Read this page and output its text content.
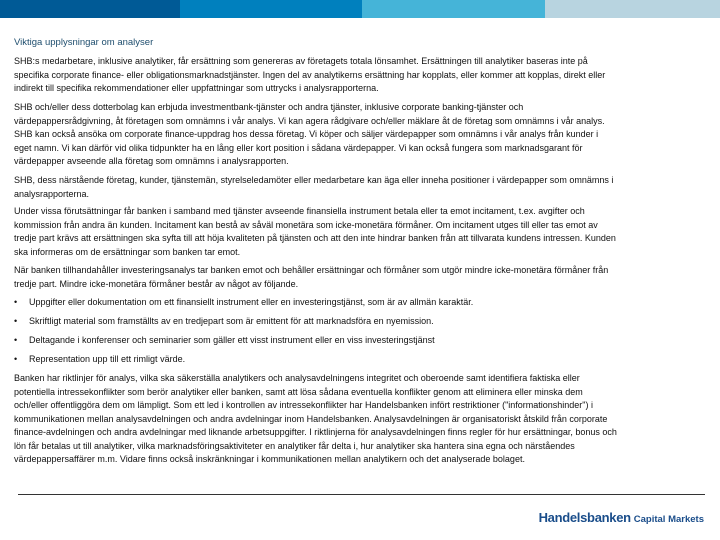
Viktiga upplysningar om analyser
SHB:s medarbetare, inklusive analytiker, får ersättning som genereras av företagets totala lönsamhet. Ersättningen till analytiker baseras inte på
specifika corporate finance- eller obligationsmarknadstjänster. Ingen del av analytikerns ersättning har kopplats, eller kommer att kopplas, direkt eller
indirekt till specifika rekommendationer eller uppfattningar som uttrycks i analysrapporterna.
SHB och/eller dess dotterbolag kan erbjuda investmentbank-tjänster och andra tjänster, inklusive corporate banking-tjänster och
värdepappersrådgivning, åt företagen som omnämns i vår analys. Vi kan agera rådgivare och/eller mäklare åt de företag som omnämns i vår analys.
SHB kan också ansöka om corporate finance-uppdrag hos dessa företag. Vi köper och säljer värdepapper som omnämns i vår analys från kunder i
eget namn. Vi kan därför vid olika tidpunkter ha en lång eller kort position i sådana värdepapper. Vi kan också fungera som marknadsgarant för
värdepapper avseende alla företag som omnämns i analysrapporten.
SHB, dess närstående företag, kunder, tjänstemän, styrelseledamöter eller medarbetare kan äga eller inneha positioner i värdepapper som omnämns i
analysrapporterna.
Under vissa förutsättningar får banken i samband med tjänster avseende finansiella instrument betala eller ta emot incitament, t.ex. avgifter och
kommission från andra än kunden. Incitament kan bestå av såväl monetära som icke-monetära förmåner. Om incitament utges till eller tas emot av
tredje part krävs att ersättningen ska syfta till att höja kvaliteten på tjänsten och att den inte hindrar banken från att tillvarata kundens intressen. Kunden
ska informeras om de ersättningar som banken tar emot.
När banken tillhandahåller investeringsanalys tar banken emot och behåller ersättningar och förmåner som utgör mindre icke-monetära förmåner från
tredje part. Mindre icke-monetära förmåner består av något av följande.
Banken har riktlinjer för analys, vilka ska säkerställa analytikers och analysavdelningens integritet och oberoende samt identifiera faktiska eller
potentiella intressekonflikter som berör analytiker eller banken, samt att lösa sådana eventuella konflikter genom att eliminera eller minska dem
och/eller offentliggöra dem om lämpligt. Som ett led i kontrollen av intressekonflikter har Handelsbanken infört restriktioner ("informationshinder") i
kommunikationen mellan analysavdelningen och andra avdelningar inom Handelsbanken. Analysavdelningen är organisatoriskt åtskild från corporate
finance-avdelningen och andra avdelningar med liknande arbetsuppgifter. I riktlinjerna för analysavdelningen finns regler för hur ersättningar, bonus och
lön får betalas ut till analytiker, vilka marknadsföringsaktiviteter en analytiker får delta i, hur analytiker ska hantera sina egna och närståendes
värdepappersaffärer m.m. Vidare finns också inskränkningar i kommunikationen mellan analytikern och det analyserade bolaget.
• Uppgifter eller dokumentation om ett finansiellt instrument eller en investeringstjänst, som är av allmän karaktär.
• Skriftligt material som framställts av en tredjepart som är emittent för att marknadsföra en nyemission.
• Deltagande i konferenser och seminarier som gäller ett visst instrument eller en viss investeringstjänst
• Representation upp till ett rimligt värde.
Handelsbanken Capital Markets
